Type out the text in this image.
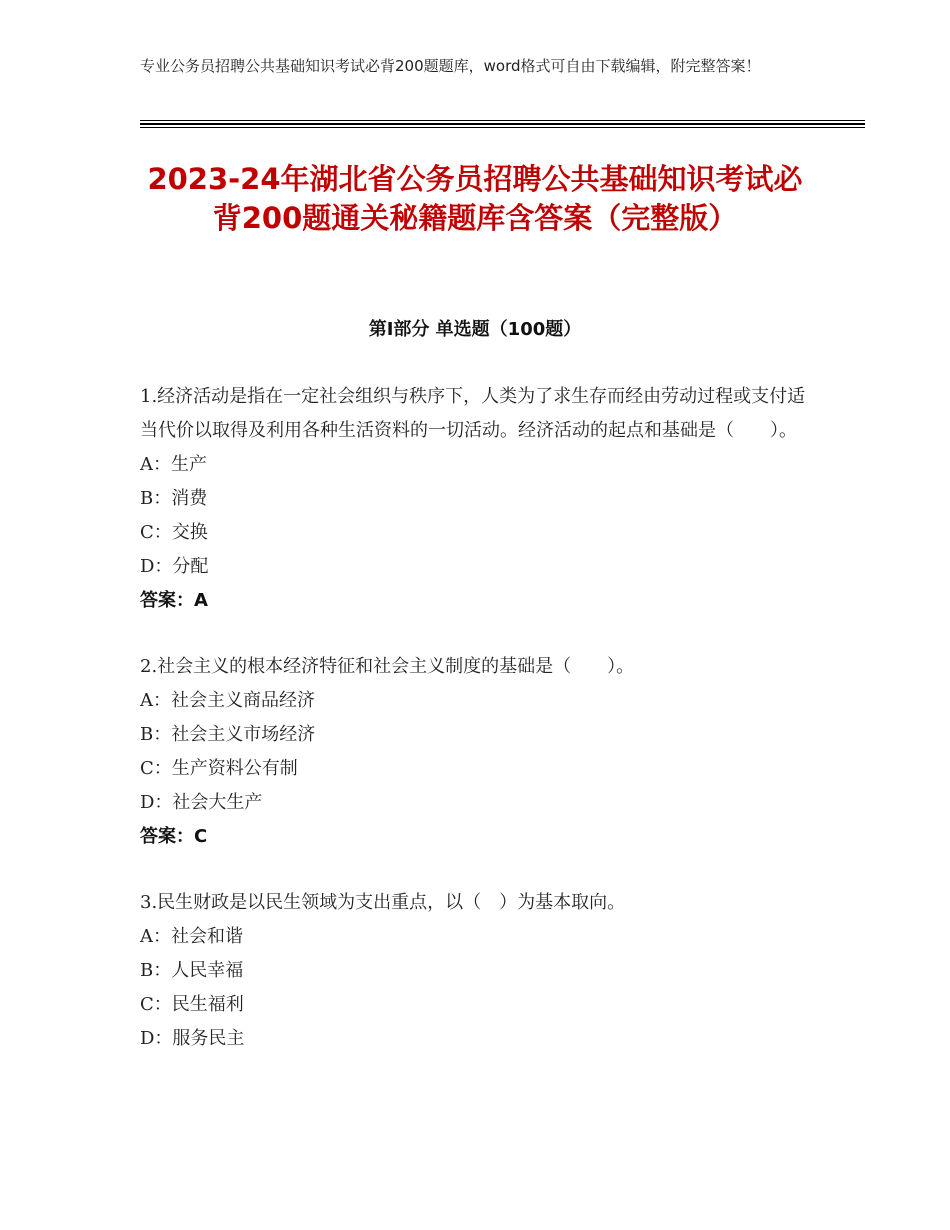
专业公务员招聘公共基础知识考试必背200题题库，word格式可自由下载编辑，附完整答案！
2023-24年湖北省公务员招聘公共基础知识考试必背200题通关秘籍题库含答案（完整版）
第I部分 单选题（100题）
1.经济活动是指在一定社会组织与秩序下，人类为了求生存而经由劳动过程或支付适当代价以取得及利用各种生活资料的一切活动。经济活动的起点和基础是（　　）。
A：生产
B：消费
C：交换
D：分配
答案：A
2.社会主义的根本经济特征和社会主义制度的基础是（　　）。
A：社会主义商品经济
B：社会主义市场经济
C：生产资料公有制
D：社会大生产
答案：C
3.民生财政是以民生领域为支出重点，以（　）为基本取向。
A：社会和谐
B：人民幸福
C：民生福利
D：服务民主
